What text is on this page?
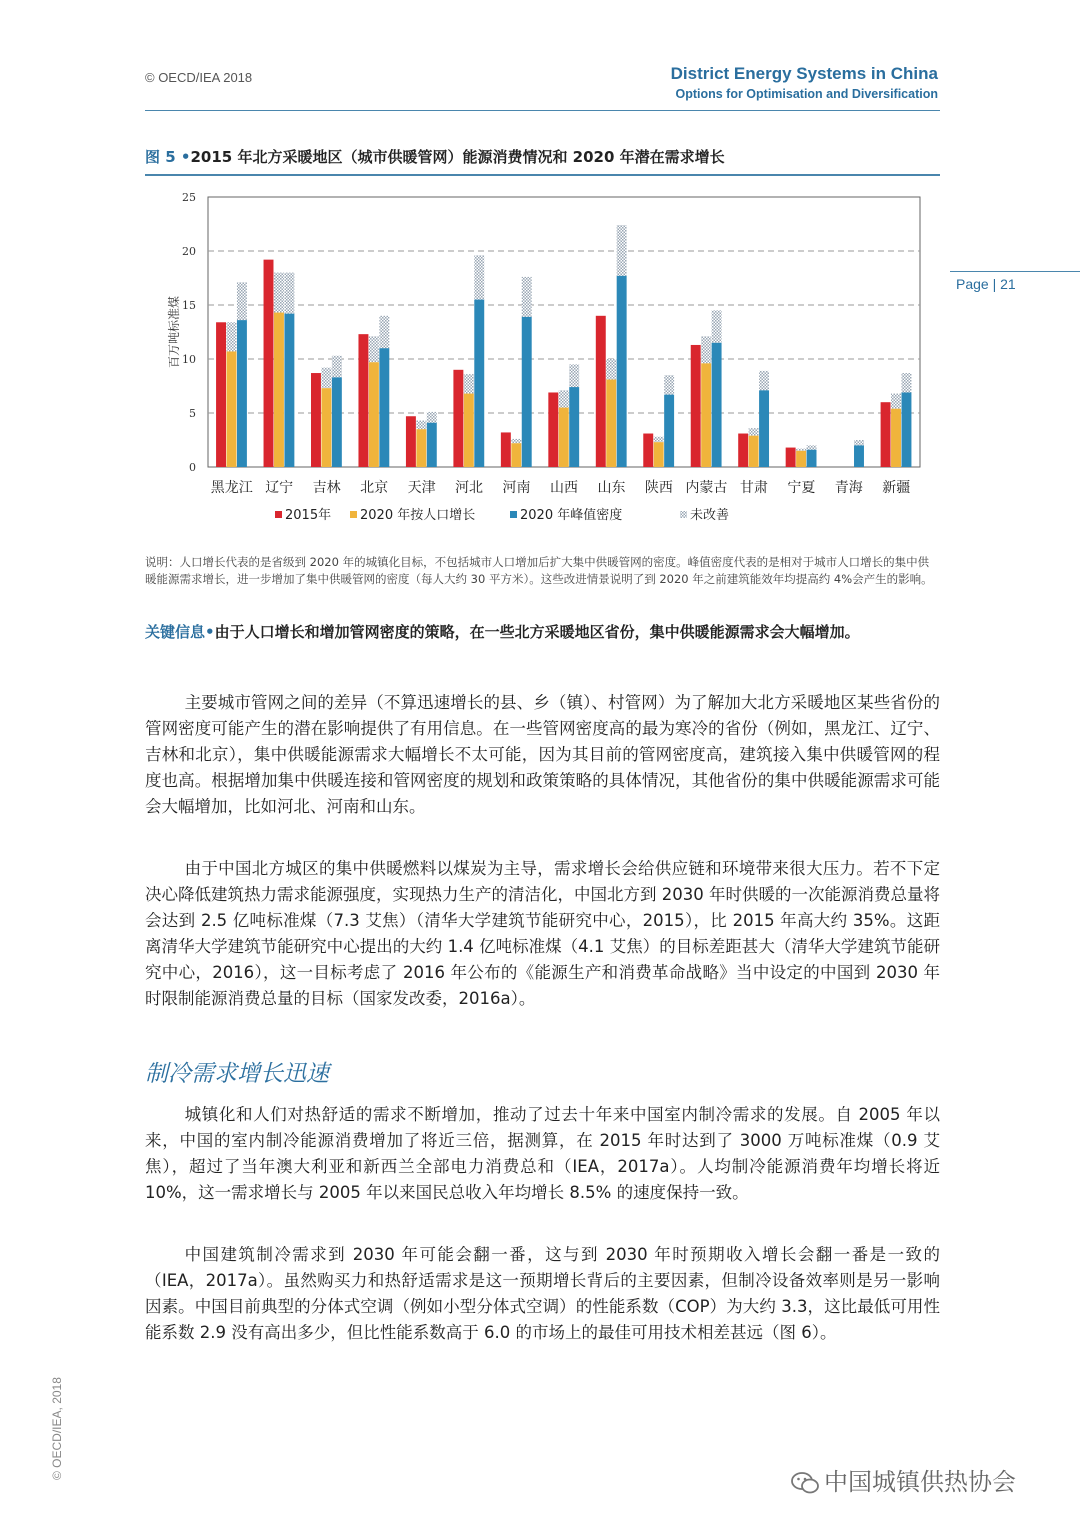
© OECD/IEA 2018	District Energy Systems in China
Options for Optimisation and Diversification
Page | 21
图 5 •2015 年北方采暖地区（城市供暖管网）能源消费情况和 2020 年潜在需求增长
0
5
10
15
20
25
百万吨标准煤
黑龙江 辽宁 吉林 北京 天津 河北 河南 山西 山东 陕西 内蒙古 甘肃 宁夏 青海 新疆
2015年 2020 年按人口增长	2020 年峰值密度	未改善
说明：人口增长代表的是省级到 2020 年的城镇化目标，不包括城市人口增加后扩大集中供暖管网的密度。峰值密度代表的是相对于城市人口增长的集中供暖能源需求增长，进一步增加了集中供暖管网的密度（每人大约 30 平方米）。这些改进情景说明了到 2020 年之前建筑能效年均提高约 4%会产生的影响。
关键信息•由于人口增长和增加管网密度的策略，在一些北方采暖地区省份，集中供暖能源需求会大幅增加。
主要城市管网之间的差异（不算迅速增长的县、乡（镇）、村管网）为了解加大北方采暖地区某些省份的管网密度可能产生的潜在影响提供了有用信息。在一些管网密度高的最为寒冷的省份（例如，黑龙江、辽宁、吉林和北京），集中供暖能源需求大幅增长不太可能，因为其目前的管网密度高，建筑接入集中供暖管网的程度也高。根据增加集中供暖连接和管网密度的规划和政策策略的具体情况，其他省份的集中供暖能源需求可能会大幅增加，比如河北、河南和山东。
由于中国北方城区的集中供暖燃料以煤炭为主导，需求增长会给供应链和环境带来很大压力。若不下定决心降低建筑热力需求能源强度，实现热力生产的清洁化，中国北方到 2030 年时供暖的一次能源消费总量将会达到 2.5 亿吨标准煤（7.3 艾焦）（清华大学建筑节能研究中心，2015），比 2015 年高大约 35%。这距离清华大学建筑节能研究中心提出的大约 1.4 亿吨标准煤（4.1 艾焦）的目标差距甚大（清华大学建筑节能研究中心，2016），这一目标考虑了 2016 年公布的《能源生产和消费革命战略》当中设定的中国到 2030 年时限制能源消费总量的目标（国家发改委，2016a）。
制冷需求增长迅速
城镇化和人们对热舒适的需求不断增加，推动了过去十年来中国室内制冷需求的发展。自 2005 年以来，中国的室内制冷能源消费增加了将近三倍，据测算，在 2015 年时达到了 3000 万吨标准煤（0.9 艾焦），超过了当年澳大利亚和新西兰全部电力消费总和（IEA，2017a）。人均制冷能源消费年均增长将近 10%，这一需求增长与 2005 年以来国民总收入年均增长 8.5% 的速度保持一致。
中国建筑制冷需求到 2030 年可能会翻一番，这与到 2030 年时预期收入增长会翻一番是一致的（IEA，2017a）。虽然购买力和热舒适需求是这一预期增长背后的主要因素，但制冷设备效率则是另一影响因素。中国目前典型的分体式空调（例如小型分体式空调）的性能系数（COP）为大约 3.3，这比最低可用性能系数 2.9 没有高出多少，但比性能系数高于 6.0 的市场上的最佳可用技术相差甚远（图 6）。
© OECD/IEA, 2018
中国城镇供热协会
